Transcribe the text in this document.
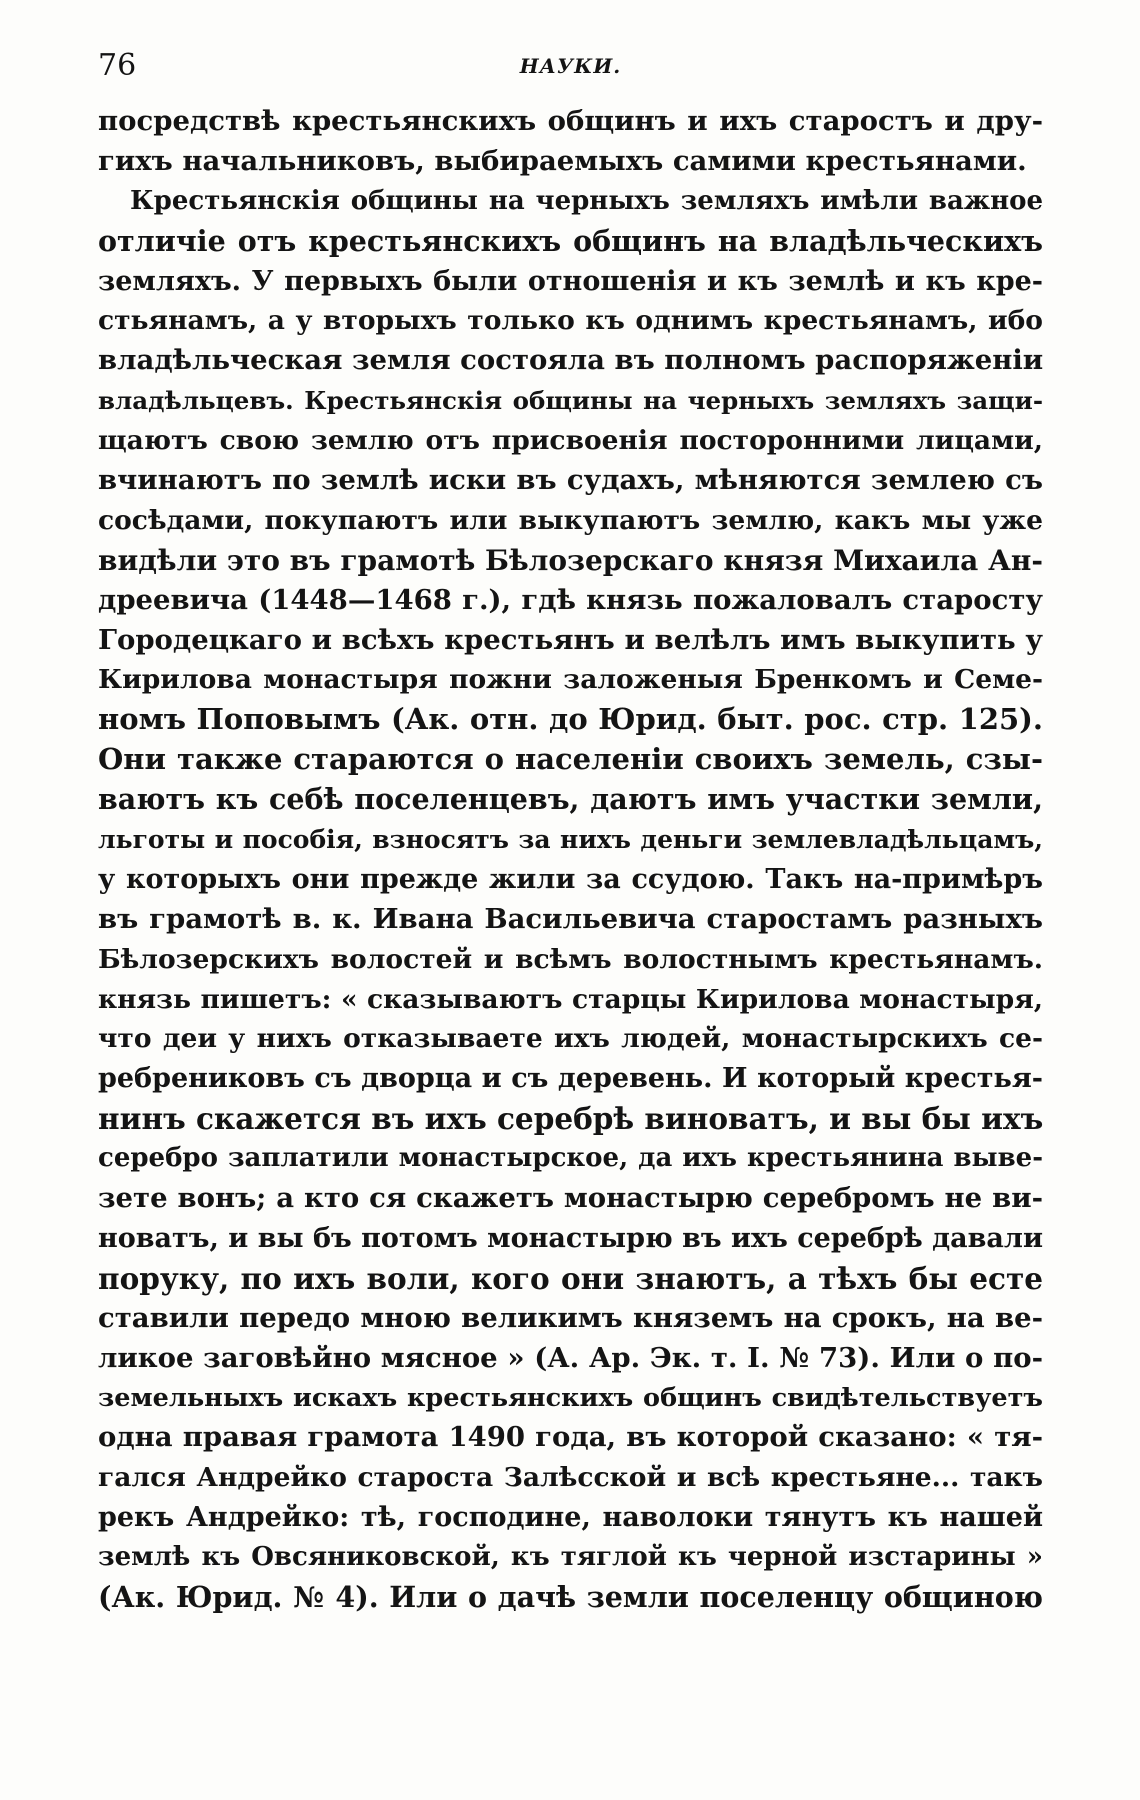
76	НАУКИ.
посредствѣ крестьянскихъ общинъ и ихъ старостъ и дру-
гихъ начальниковъ, выбираемыхъ самими крестьянами.
Крестьянскія общины на черныхъ земляхъ имѣли важное
отличіе отъ крестьянскихъ общинъ на владѣльческихъ
земляхъ. У первыхъ были отношенія и къ землѣ и къ кре-
стьянамъ, а у вторыхъ только къ однимъ крестьянамъ, ибо
владѣльческая земля состояла въ полномъ распоряженіи
владѣльцевъ. Крестьянскія общины на черныхъ земляхъ защи-
щаютъ свою землю отъ присвоенія посторонними лицами,
вчинаютъ по землѣ иски въ судахъ, мѣняются землею съ
сосѣдами, покупаютъ или выкупаютъ землю, какъ мы уже
видѣли это въ грамотѣ Бѣлозерскаго князя Михаила Ан-
дреевича (1448—1468 г.), гдѣ князь пожаловалъ старосту
Городецкаго и всѣхъ крестьянъ и велѣлъ имъ выкупить у
Кирилова монастыря пожни заложеныя Бренкомъ и Семе-
номъ Поповымъ (Ак. отн. до Юрид. быт. рос. стр. 125).
Они также стараются о населеніи своихъ земель, сзы-
ваютъ къ себѣ поселенцевъ, даютъ имъ участки земли,
льготы и пособія, взносятъ за нихъ деньги землевладѣльцамъ,
у которыхъ они прежде жили за ссудою. Такъ на-примѣръ
въ грамотѣ в. к. Ивана Васильевича старостамъ разныхъ
Бѣлозерскихъ волостей и всѣмъ волостнымъ крестьянамъ.
князь пишетъ: « сказываютъ старцы Кирилова монастыря,
что деи у нихъ отказываете ихъ людей, монастырскихъ се-
ребрениковъ съ дворца и съ деревень. И который крестья-
нинъ скажется въ ихъ серебрѣ виноватъ, и вы бы ихъ
серебро заплатили монастырское, да ихъ крестьянина выве-
зете вонъ; а кто ся скажетъ монастырю серебромъ не ви-
новатъ, и вы бъ потомъ монастырю въ ихъ серебрѣ давали
поруку, по ихъ воли, кого они знаютъ, а тѣхъ бы есте
ставили передо мною великимъ княземъ на срокъ, на ве-
ликое заговѣйно мясное » (А. Ар. Эк. т. I. № 73). Или о по-
земельныхъ искахъ крестьянскихъ общинъ свидѣтельствуетъ
одна правая грамота 1490 года, въ которой сказано: « тя-
гался Андрейко староста Залѣсской и всѣ крестьяне... такъ
рекъ Андрейко: тѣ, господине, наволоки тянутъ къ нашей
землѣ къ Овсяниковской, къ тяглой къ черной изстарины »
(Ак. Юрид. № 4). Или о дачѣ земли поселенцу общиною
